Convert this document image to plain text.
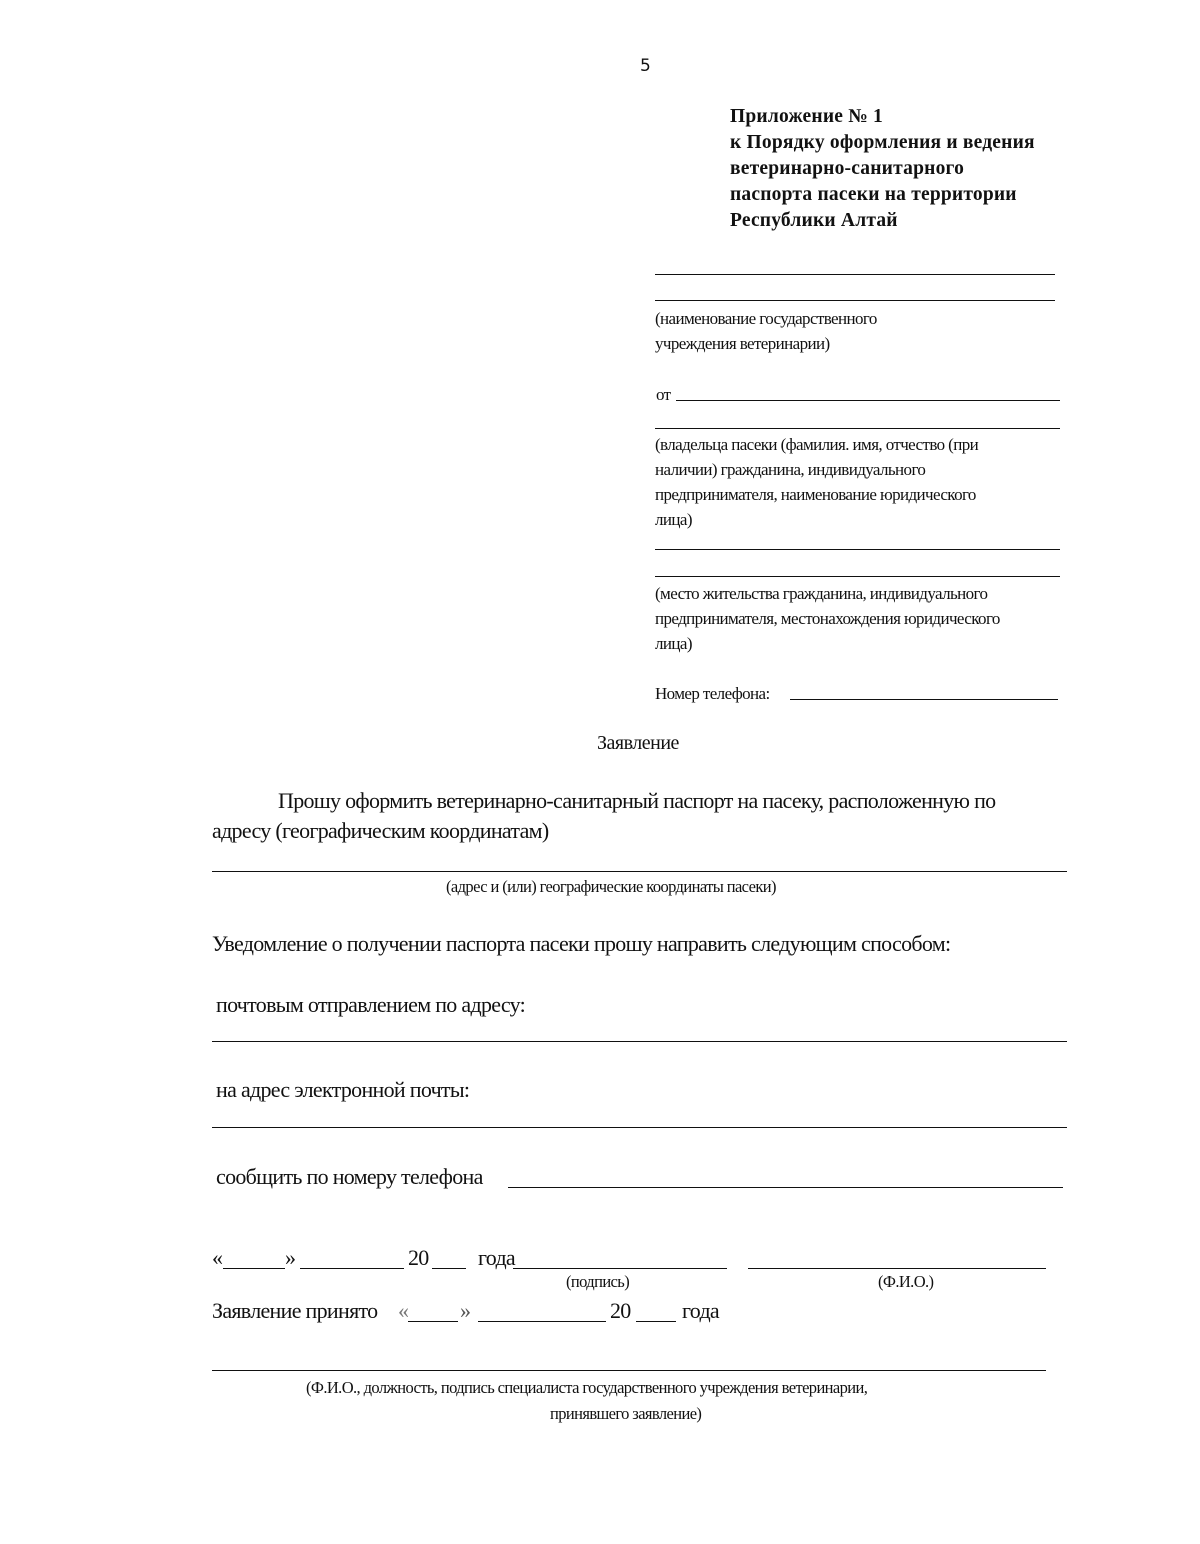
5
Приложение № 1
к Порядку оформления и ведения
ветеринарно-санитарного
паспорта пасеки на территории
Республики Алтай
(наименование государственного
учреждения ветеринарии)
от
(владельца пасеки (фамилия. имя, отчество (при
наличии) гражданина, индивидуального
предпринимателя, наименование юридического
лица)
(место жительства гражданина, индивидуального
предпринимателя, местонахождения юридического
лица)
Номер телефона:
Заявление
Прошу оформить ветеринарно-санитарный паспорт на пасеку, расположенную по
адресу (географическим координатам)
(адрес и (или) географические координаты пасеки)
Уведомление о получении паспорта пасеки прошу направить следующим способом:
почтовым отправлением по адресу:
на адрес электронной почты:
сообщить по номеру телефона
«	»	20 года
(подпись)	(Ф.И.О.)
Заявление принято « »	20 года
(Ф.И.О., должность, подпись специалиста государственного учреждения ветеринарии,
принявшего заявление)
